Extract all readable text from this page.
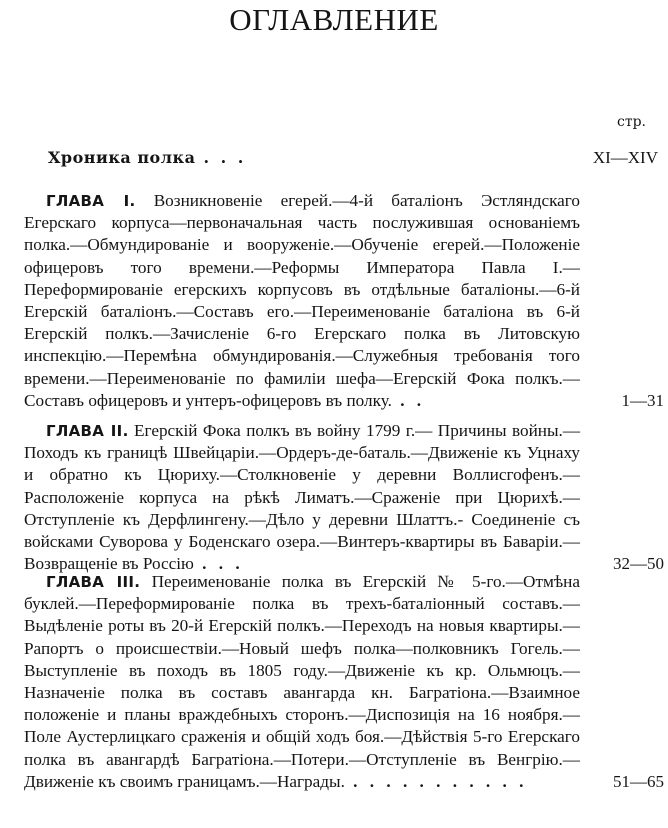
ОГЛАВЛЕНИЕ
стр.
Хроника полка . . .	XI—XIV
ГЛАВА I. Возникновеніе егерей.—4-й баталіонъ Эстляндскаго Егерскаго корпуса—первоначальная часть послужившая основаніемъ полка.—Обмундированіе и вооруженіе.—Обученіе егерей.—Положеніе офицеровъ того времени.—Реформы Императора Павла I.—Переформированіе егерскихъ корпусовъ въ отдѣльные баталіоны.—6-й Егерскій баталіонъ.—Составъ его.—Переименованіе баталіона въ 6-й Егерскій полкъ.—Зачисленіе 6-го Егерскаго полка въ Литовскую инспекцію.—Перемѣна обмундированія.—Служебныя требованія того времени.—Переименованіе по фамиліи шефа—Егерскій Фока полкъ.—Составъ офицеровъ и унтеръ-офицеровъ въ полку. . .	1—31
ГЛАВА II. Егерскій Фока полкъ въ войну 1799 г.— Причины войны.—Походъ къ границѣ Швейцаріи.—Ордеръ-де-баталь.—Движеніе къ Уцнаху и обратно къ Цюриху.—Столкновеніе у деревни Воллисгофенъ.—Расположеніе корпуса на рѣкѣ Лиматъ.—Сраженіе при Цюрихѣ.—Отступленіе къ Дерфлингену.—Дѣло у деревни Шлаттъ.- Соединеніе съ войсками Суворова у Боденскаго озера.—Винтеръ-квартиры въ Баваріи.—Возвращеніе въ Россію . . .	32—50
ГЛАВА III. Переименованіе полка въ Егерскій № 5-го.—Отмѣна буклей.—Переформированіе полка въ трехъ-баталіонный составъ.—Выдѣленіе роты въ 20-й Егерскій полкъ.—Переходъ на новыя квартиры.—Рапортъ о происшествіи.—Новый шефъ полка—полковникъ Гогель.—Выступленіе въ походъ въ 1805 году.—Движеніе къ кр. Ольмюцъ.—Назначеніе полка въ составъ авангарда кн. Багратіона.—Взаимное положеніе и планы враждебныхъ сторонъ.—Диспозиція на 16 ноября.—Поле Аустерлицкаго сраженія и общій ходъ боя.—Дѣйствія 5-го Егерскаго полка въ авангардѣ Багратіона.—Потери.—Отступленіе въ Венгрію.—Движеніе къ своимъ границамъ.—Награды. . . . . . . . . . . .	51—65
